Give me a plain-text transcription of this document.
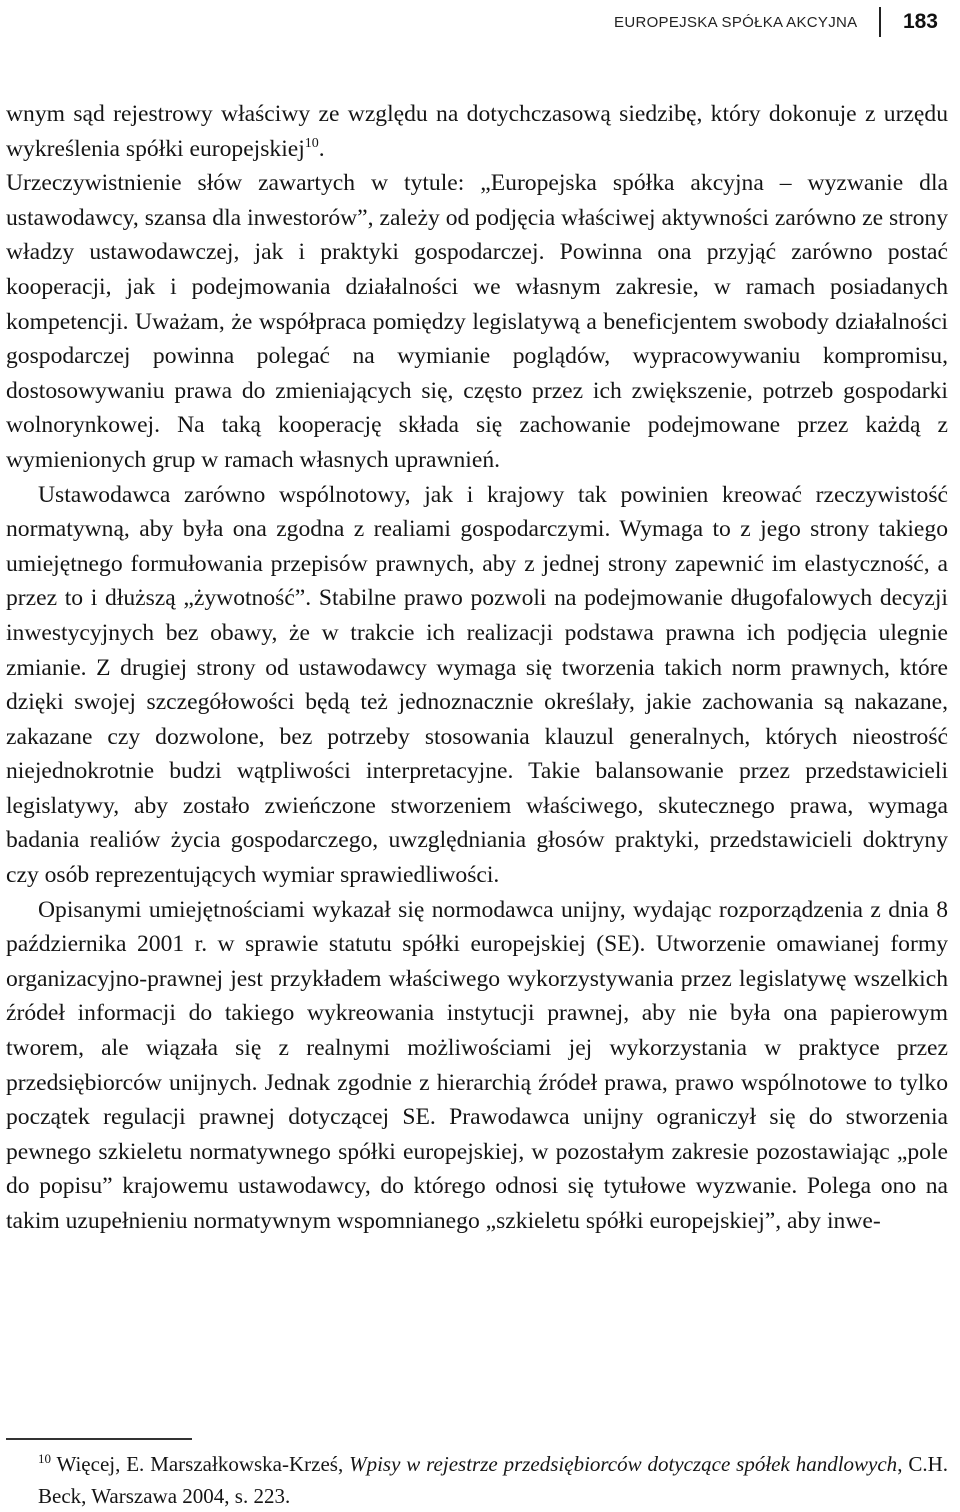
EUROPEJSKA SPÓŁKA AKCYJNA	183

wnym sąd rejestrowy właściwy ze względu na dotychczasową siedzibę, który dokonuje z urzędu wykreślenia spółki europejskiej$^{10}$.

Urzeczywistnienie słów zawartych w tytule: „Europejska spółka akcyjna – wyzwanie dla ustawodawcy, szansa dla inwestorów”, zależy od podjęcia właściwej aktywności zarówno ze strony władzy ustawodawczej, jak i praktyki gospodarczej. Powinna ona przyjąć zarówno postać kooperacji, jak i podejmowania działalności we własnym zakresie, w ramach posiadanych kompetencji. Uważam, że współpraca pomiędzy legislatywą a beneficjentem swobody działalności gospodarczej powinna polegać na wymianie poglądów, wypracowywaniu kompromisu, dostosowywaniu prawa do zmieniających się, często przez ich zwiększenie, potrzeb gospodarki wolnorynkowej. Na taką kooperację składa się zachowanie podejmowane przez każdą z wymienionych grup w ramach własnych uprawnień.

Ustawodawca zarówno wspólnotowy, jak i krajowy tak powinien kreować rzeczywistość normatywną, aby była ona zgodna z realiami gospodarczymi. Wymaga to z jego strony takiego umiejętnego formułowania przepisów prawnych, aby z jednej strony zapewnić im elastyczność, a przez to i dłuższą „żywotność”. Stabilne prawo pozwoli na podejmowanie długofalowych decyzji inwestycyjnych bez obawy, że w trakcie ich realizacji podstawa prawna ich podjęcia ulegnie zmianie. Z drugiej strony od ustawodawcy wymaga się tworzenia takich norm prawnych, które dzięki swojej szczegółowości będą też jednoznacznie określały, jakie zachowania są nakazane, zakazane czy dozwolone, bez potrzeby stosowania klauzul generalnych, których nieostrość niejednokrotnie budzi wątpliwości interpretacyjne. Takie balansowanie przez przedstawicieli legislatywy, aby zostało zwieńczone stworzeniem właściwego, skutecznego prawa, wymaga badania realiów życia gospodarczego, uwzględniania głosów praktyki, przedstawicieli doktryny czy osób reprezentujących wymiar sprawiedliwości.

Opisanymi umiejętnościami wykazał się normodawca unijny, wydając rozporządzenia z dnia 8 października 2001 r. w sprawie statutu spółki europejskiej (SE). Utworzenie omawianej formy organizacyjno-prawnej jest przykładem właściwego wykorzystywania przez legislatywę wszelkich źródeł informacji do takiego wykreowania instytucji prawnej, aby nie była ona papierowym tworem, ale wiązała się z realnymi możliwościami jej wykorzystania w praktyce przez przedsiębiorców unijnych. Jednak zgodnie z hierarchią źródeł prawa, prawo wspólnotowe to tylko początek regulacji prawnej dotyczącej SE. Prawodawca unijny ograniczył się do stworzenia pewnego szkieletu normatywnego spółki europejskiej, w pozostałym zakresie pozostawiając „pole do popisu” krajowemu ustawodawcy, do którego odnosi się tytułowe wyzwanie. Polega ono na takim uzupełnieniu normatywnym wspomnianego „szkieletu spółki europejskiej”, aby inwe-

$^{10}$ Więcej, E. Marszałkowska-Krześ, Wpisy w rejestrze przedsiębiorców dotyczące spółek handlowych, C.H. Beck, Warszawa 2004, s. 223.
